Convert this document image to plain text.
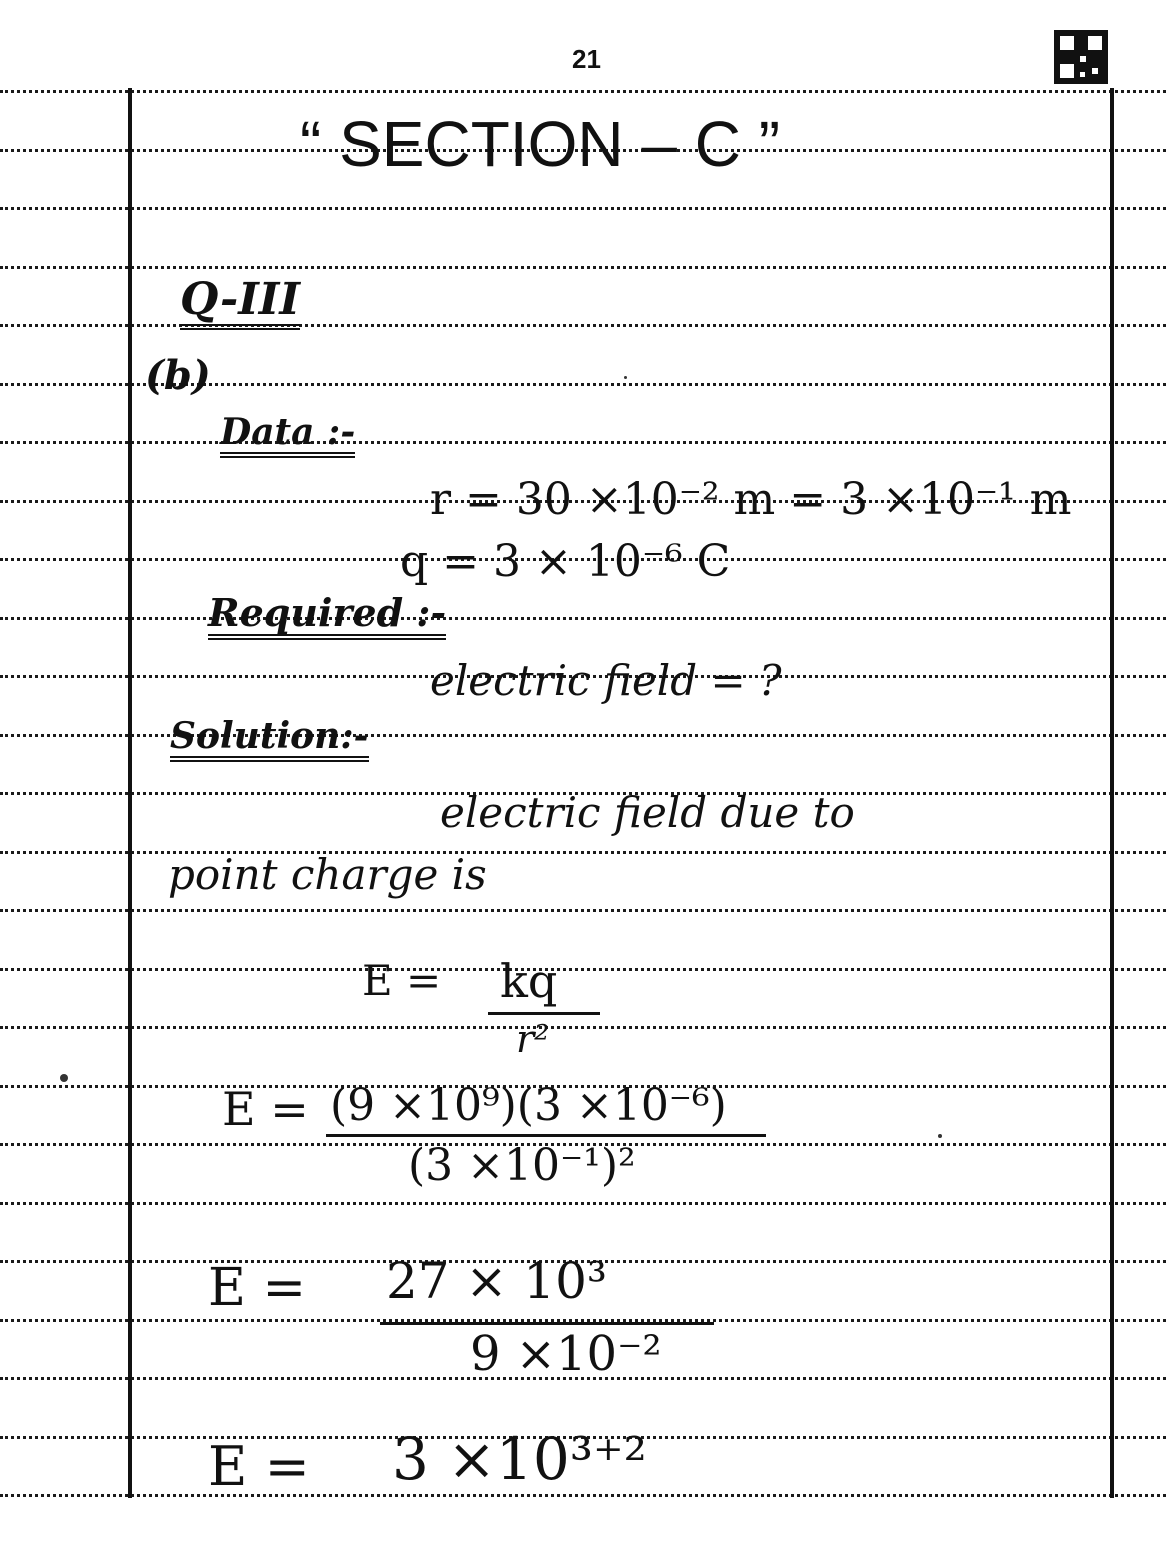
21
“ SECTION – C ”
Q-III
(b)
Data :-
r = 30 ×10⁻² m = 3 ×10⁻¹ m
q = 3 × 10⁻⁶ C
Required :-
electric field = ?
Solution:-
electric field due to
point charge is
E = kq
r²
E = (9 ×10⁹)(3 ×10⁻⁶)
(3 ×10⁻¹)²
E = 27 × 10³
9 ×10⁻²
E = 3 ×10³⁺²
